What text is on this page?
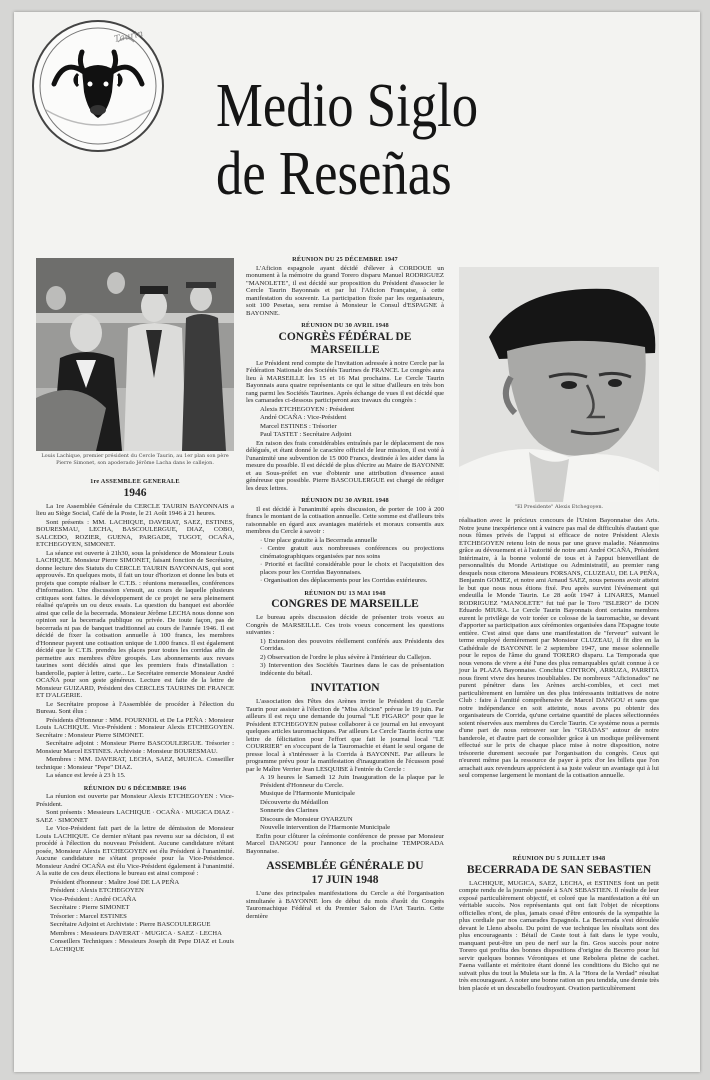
Taurin
Medio Siglo
de Reseñas
Louis Lachique, premier président du Cercle Taurin, au 1er plan son père Pierre Simonet, son apoderado Jérôme Lacha dans le callejon.
"El Presidente" Alexis Etchegoyen.
1re ASSEMBLEE GENERALE
1946

La 1re Assemblée Générale du CERCLE TAURIN BAYONNAIS a lieu au Siège Social, Café de la Poste, le 21 Août 1946 à 21 heures.

Sont présents : MM. LACHIQUE, DAVERAT, SAEZ, ESTINES, BOURESMAU, LECHA, BASCOULERGUE, DIAZ, COBO, SALCEDO, ROZIER, GUENA, PARGADE, TUGOT, OCAÑA, ETCHEGOYEN, SIMONET.

La séance est ouverte à 21h30, sous la présidence de Monsieur Louis LACHIQUE. Monsieur Pierre SIMONET, faisant fonction de Secrétaire, donne lecture des Statuts du CERCLE TAURIN BAYONNAIS, qui sont approuvés. En quelques mots, il fait un tour d'horizon et donne les buts et projets que compte réaliser le C.T.B. : réunions mensuelles, conférences d'information. Une discussion s'ensuit, au cours de laquelle plusieurs critiques sont faites. le développement de ce projet ne sera pleinement réalisé qu'après un ou deux essais. La question du banquet est abordée ainsi que celle de la becerrada. Monsieur Jérôme LECHA nous donne son opinion sur la becerrada publique ou privée. De toute façon, pas de becerrada ni pas de banquet traditionnel au cours de l'année 1946. Il est décidé de fixer la cotisation annuelle à 100 francs, les membres d'Honneur payent une cotisation unique de 1.000 francs. Il est également décidé que le C.T.B. prendra les places pour toutes les corridas afin de permettre aux membres d'être groupés. Les abonnements aux revues taurines sont décidés ainsi que les premiers frais d'installation : banderolle, papier à lettre, carte... Le Secrétaire remercie Monsieur André OCAÑA pour son geste généreux. Lecture est faite de la lettre de Monsieur GUIZARD, Président des CERCLES TAURINS DE FRANCE ET D'ALGERIE.

Le Secrétaire propose à l'Assemblée de procéder à l'élection du Bureau. Sont élus :

Présidents d'Honneur : MM. FOURNIOL et De La PEÑA : Monsieur Louis LACHIQUE. Vice-Président : Monsieur Alexis ETCHEGOYEN. Secrétaire : Monsieur Pierre SIMONET.

Secrétaire adjoint : Monsieur Pierre BASCOULERGUE. Trésorier : Monsieur Marcel ESTINES. Archiviste : Monsieur BOURESMAU.

Membres : MM. DAVERAT, LECHA, SAEZ, MUJICA. Conseiller technique : Monsieur "Pepe" DIAZ.

La séance est levée à 23 h 15.

RÉUNION DU 6 DÉCEMBRE 1946

La réunion est ouverte par Monsieur Alexis ETCHEGOYEN : Vice-Président.

Sont présents : Messieurs LACHIQUE · OCAÑA · MUGICA DIAZ · SAEZ · SIMONET

Le Vice-Président fait part de la lettre de démission de Monsieur Louis LACHIQUE. Ce dernier n'étant pas revenu sur sa décision, il est procédé à l'élection du nouveau Président. Aucune candidature n'étant posée, Monsieur Alexis ETCHEGOYEN est élu Président à l'unanimité. Aucune candidature ne s'étant proposée pour la Vice-Présidence. Monsieur André OCAÑA est élu Vice-Président également à l'unanimité. A la suite de ces deux élections le bureau est ainsi composé :

Président d'honneur : Maître José DE LA PEÑA

Président : Alexis ETCHEGOYEN

Vice-Président : André OCAÑA

Secrétaire : Pierre SIMONET

Trésorier : Marcel ESTINES

Secrétaire Adjoint et Archiviste : Pierre BASCOULERGUE

Membres : Messieurs DAVERAT · MUGICA · SAEZ · LECHA

Conseillers Techniques : Messieurs Joseph dit Pepe DIAZ et Louis LACHIQUE

RÉUNION DU 25 DÉCEMBRE 1947

L'Aficion espagnole ayant décidé d'élever à CORDOUE un monument à la mémoire du grand Torero disparu Manuel RODRIGUEZ "MANOLETE", il est décidé sur proposition du Président d'associer le Cercle Taurin Bayonnais et par lui l'Aficion Française, à cette manifestation du souvenir. La participation fixée par les organisateurs, soit 100 Pesetas, sera remise à Monsieur le Consul d'ESPAGNE à BAYONNE.

RÉUNION DU 30 AVRIL 1948
CONGRÈS FÉDÉRAL DE MARSEILLE

Le Président rend compte de l'invitation adressée à notre Cercle par la Fédération Nationale des Sociétés Taurines de FRANCE. Le congrès aura lieu à MARSEILLE les 15 et 16 Mai prochains. Le Cercle Taurin Bayonnais aura quatre représentants ce qui le situe d'ailleurs en très bon rang parmi les Sociétés Taurines. Après échange de vues il est décidé que les camarades ci-dessous participeront aux travaux du congrès :

Alexis ETCHEGOYEN : Président

André OCAÑA : Vice-Président

Marcel ESTINES : Trésorier

Paul TASTET : Secrétaire Adjoint

En raison des frais considérables entraînés par le déplacement de nos délégués, et étant donné le caractère officiel de leur mission, il est voté à l'unanimité une subvention de 15 000 Francs, destinée à les aider dans la mesure du possible. Il est décidé de plus d'écrire au Maire de BAYONNE et au Sous-préfet en vue d'obtenir une attribution d'essence aussi généreuse que possible. Pierre BASCOULERGUE est chargé de rédiger les deux lettres.

RÉUNION DU 30 AVRIL 1948

Il est décidé à l'unanimité après discussion, de porter de 100 à 200 francs le montant de la cotisation annuelle. Cette somme est d'ailleurs très raisonnable en égard aux avantages matériels et moraux consentis aux membres du Cercle à savoir :

· Une place gratuite à la Becerrada annuelle

· Centre gratuit aux nombreuses conférences ou projections cinématographiques organisées par nos soins

· Priorité et facilité considérable pour le choix et l'acquisition des places pour les Corridas Bayonnaises.

· Organisation des déplacements pour les Corridas extérieures.

RÉUNION DU 13 MAI 1948
CONGRES DE MARSEILLE

Le bureau après discussion décide de présenter trois voeux au Congrès de MARSEILLE. Ces trois voeux concernent les questions suivantes :

1) Extension des pouvoirs réellement conférés aux Présidents des Corridas.

2) Observation de l'ordre le plus sévère à l'intérieur du Callejon.

3) Intervention des Sociétés Taurines dans le cas de présentation indécente du bétail.

INVITATION

L'association des Fêtes des Arènes invite le Président du Cercle Taurin pour assister à l'élection de "Miss Aficion" prévue le 19 juin. Par ailleurs il est reçu une demande du journal "LE FIGARO" pour que le Président ETCHEGOYEN puisse collaborer à ce journal en lui envoyant quelques articles tauromachiques. Par ailleurs Le Cercle Taurin écrira une lettre de félicitation pour l'effort que fait le journal local "LE COURRIER" en s'occupant de la Tauromachie et étant le seul organe de presse local à s'intéresser à la Corrida à BAYONNE. Par ailleurs le programme prévu pour la manifestation d'inauguration de l'écusson posé par le Maître Verrier Jean LESQUIBE à l'entrée du Cercle :

A 19 heures le Samedi 12 Juin Inauguration de la plaque par le Président d'Honneur du Cercle.

Musique de l'Harmonie Municipale

Découverte du Médaillon

Sonnerie des Clarines

Discours de Monsieur OYARZUN

Nouvelle intervention de l'Harmonie Municipale

Enfin pour clôturer la cérémonie conférence de presse par Monsieur Marcel DANGOU pour l'annonce de la prochaine TEMPORADA Bayonnaise.

ASSEMBLÉE GÉNÉRALE DU
17 JUIN 1948

L'une des principales manifestations du Cercle a été l'organisation simultanée à BAYONNE lors de début du mois d'août du Congrès Tauromachique Fédéral et du Premier Salon de l'Art Taurin. Cette dernière

réalisation avec le précieux concours de l'Union Bayonnaise des Arts. Notre jeune inexpérience ont à vaincre pas mal de difficultés d'autant que nous fûmes privés de l'appui si efficace de notre Président Alexis ETCHEGOYEN retenu loin de nous par une grave maladie. Néanmoins grâce au dévouement et à l'autorité de notre ami André OCAÑA, Président Intérimaire, à la bonne volonté de tous et à l'appui bienveillant de personnalités du Monde Artistique ou Administratif, au premier rang desquels nous citerons Messieurs FORSANS, CLUZEAU, DE LA PEÑA, Benjamin GOMEZ, et notre ami Arnaud SAEZ, nous pensons avoir atteint le but que nous nous étions fixé. Peu après survint l'événement qui endeuilla le Monde Taurin. Le 28 août 1947 à LINARES, Manuel RODRIGUEZ "MANOLETE" fut tué par le Toro "ISLERO" de DON Eduardo MIURA. Le Cercle Taurin Bayonnais dont certains membres eurent le privilège de voir toréer ce colosse de la tauromachie, se devant d'apporter sa participation aux cérémonies organisées dans l'Espagne toute entière. C'est ainsi que dans une manifestation de "ferveur" suivant le terme employé dernièrement par Monsieur CLUZEAU, il fit dire en la Cathédrale de BAYONNE le 2 septembre 1947, une messe solennelle pour le repos de l'âme du grand TORERO disparu. La Temporada que nous venons de vivre a été l'une des plus remarquables qu'ait connue à ce jour la PLAZA Bayonnaise. Conchita CINTRON, ARRUZA, PARRITA nous firent vivre des heures inoubliables. De nombreux "Aficionados" ne purent pénétrer dans les Arènes archi-combles, et ceci met particulièrement en lumière un des plus intéressants initiatives de notre Club : faire à l'amitié compréhensive de Marcel DANGOU et sans que notre indépendance en soit atteinte, nous avons pu obtenir des organisateurs de Corrida, qu'une certaine quantité de places sélectionnées soient réservées aux membres du Cercle Taurin. Ce système nous a permis d'une part de nous retrouver sur les "GRADAS" autour de notre banderole, et d'autre part de consolider grâce à un modique prélèvement effectué sur le prix de chaque place mise à notre disposition, notre trésorerie durement secouée par l'organisation du congrès. Ceux qui n'eurent même pas la ressource de payer à prix d'or les billets que l'on arrachait aux revendeurs apprécient à sa juste valeur un avantage qui à lui seul compense largement le montant de la cotisation annuelle.

RÉUNION DU 5 JUILLET 1948
BECERRADA DE SAN SEBASTIEN

LACHIQUE, MUGICA, SAEZ, LECHA, et ESTINES font un petit compte rendu de la journée passée à SAN SEBASTIEN. Il résulte de leur exposé particulièrement objectif, et coloré que la manifestation a été un véritable succès. Nos représentants qui ont fait l'objet de réceptions officielles n'ont, de plus, jamais cessé d'être entourés de la sympathie la plus cordiale par nos camarades Espagnols. La Becerrada s'est déroulée devant le Lleno absolu. Du point de vue technique les résultats sont des plus encourageants : Bétail de Caste tout à fait dans le type voulu, manquant peut-être un peu de nerf sur la fin. Gros succès pour notre Torero qui profita des bonnes dispositions d'origine du Becerro pour lui servir quelques bonnes Véroniques et une Rebolera pleine de cachet. Faena vaillante et méritoire étant donné les conditions du Bicho qui ne suivait plus du tout la Muleta sur la fin. A la "Hora de la Verdad" résultat très encourageant. A noter une bonne ration un peu tendida, une demie très bien placée et un descabello foudroyant. Ovation particulièrement
